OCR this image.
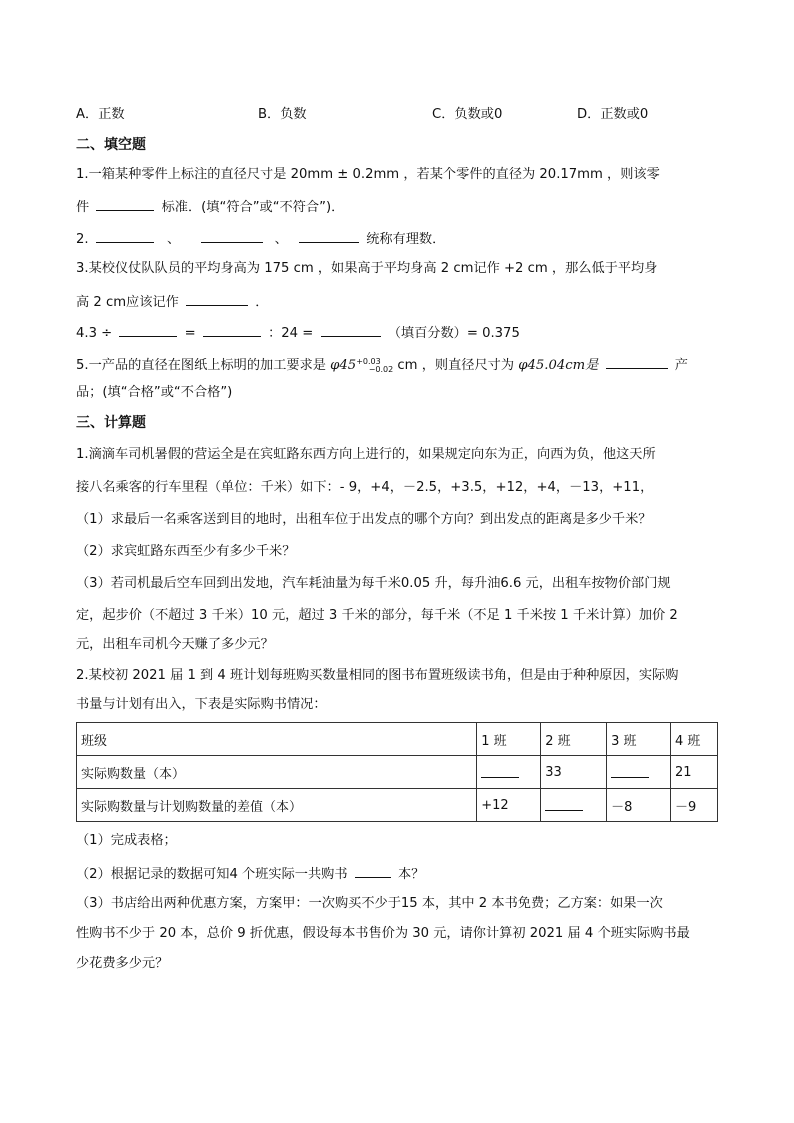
A．正数	B．负数	C．负数或0	D．正数或0
二、填空题
1.一箱某种零件上标注的直径尺寸是 20mm ± 0.2mm ，若某个零件的直径为 20.17mm ，则该零
件	标准．(填“符合”或“不符合”)．
2.	、	、	统称有理数．
3.某校仪仗队队员的平均身高为 175 cm ，如果高于平均身高 2 cm记作 +2 cm ，那么低于平均身
高 2 cm应该记作	．
4.3 ÷	=	：24 =	（填百分数）= 0.375
5.一产品的直径在图纸上标明的加工要求是 $\varphi 45^{+0.03}_{-0.02}$ cm ，则直径尺寸为 φ45.04cm是	产
品；(填“合格”或“不合格”)
三、计算题
1.滴滴车司机暑假的营运全是在宾虹路东西方向上进行的，如果规定向东为正，向西为负，他这天所
接八名乘客的行车里程（单位：千米）如下：- 9，+4，－2.5，+3.5，+12，+4，－13，+11，
（1）求最后一名乘客送到目的地时，出租车位于出发点的哪个方向？到出发点的距离是多少千米？
（2）求宾虹路东西至少有多少千米？
（3）若司机最后空车回到出发地，汽车耗油量为每千米0.05 升，每升油6.6 元，出租车按物价部门规
定，起步价（不超过 3 千米）10 元，超过 3 千米的部分，每千米（不足 1 千米按 1 千米计算）加价 2
元，出租车司机今天赚了多少元？
2.某校初 2021 届 1 到 4 班计划每班购买数量相同的图书布置班级读书角，但是由于种种原因，实际购
书量与计划有出入，下表是实际购书情况：
班级	1 班	2 班	3 班	4 班
实际购数量（本）		33		21
实际购数量与计划购数量的差值（本）	+12		－8	－9
（1）完成表格；
（2）根据记录的数据可知4 个班实际一共购书	本？
（3）书店给出两种优惠方案，方案甲：一次购买不少于15 本，其中 2 本书免费；乙方案：如果一次
性购书不少于 20 本，总价 9 折优惠，假设每本书售价为 30 元，请你计算初 2021 届 4 个班实际购书最
少花费多少元？
